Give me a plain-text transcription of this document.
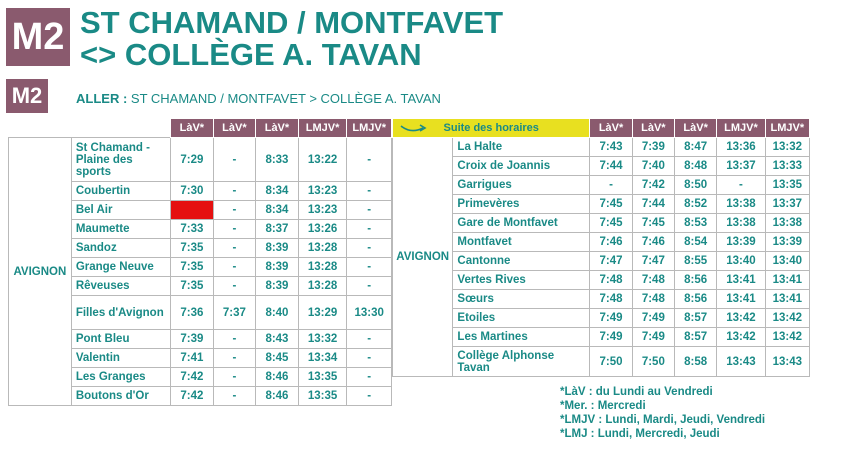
M2 ST CHAMAND / MONTFAVET
<> COLLÈGE A. TAVAN
M2	ALLER : ST CHAMAND / MONTFAVET > COLLÈGE A. TAVAN
		LàV*	LàV*	LàV*	LMJV*	LMJV*
AVIGNON	St Chamand - Plaine des sports	7:29	-	8:33	13:22	-
	Coubertin	7:30	-	8:34	13:23	-
	Bel Air		-	8:34	13:23	-
	Maumette	7:33	-	8:37	13:26	-
	Sandoz	7:35	-	8:39	13:28	-
	Grange Neuve	7:35	-	8:39	13:28	-
	Rêveuses	7:35	-	8:39	13:28	-
	Filles d'Avignon	7:36	7:37	8:40	13:29	13:30
	Pont Bleu	7:39	-	8:43	13:32	-
	Valentin	7:41	-	8:45	13:34	-
	Les Granges	7:42	-	8:46	13:35	-
	Boutons d'Or	7:42	-	8:46	13:35	-
Suite des horaires		LàV*	LàV*	LàV*	LMJV*	LMJV*
AVIGNON	La Halte	7:43	7:39	8:47	13:36	13:32
	Croix de Joannis	7:44	7:40	8:48	13:37	13:33
	Garrigues	-	7:42	8:50	-	13:35
	Primevères	7:45	7:44	8:52	13:38	13:37
	Gare de Montfavet	7:45	7:45	8:53	13:38	13:38
	Montfavet	7:46	7:46	8:54	13:39	13:39
	Cantonne	7:47	7:47	8:55	13:40	13:40
	Vertes Rives	7:48	7:48	8:56	13:41	13:41
	Sœurs	7:48	7:48	8:56	13:41	13:41
	Etoiles	7:49	7:49	8:57	13:42	13:42
	Les Martines	7:49	7:49	8:57	13:42	13:42
	Collège Alphonse Tavan	7:50	7:50	8:58	13:43	13:43
*LàV : du Lundi au Vendredi
*Mer. : Mercredi
*LMJV : Lundi, Mardi, Jeudi, Vendredi
*LMJ : Lundi, Mercredi, Jeudi
